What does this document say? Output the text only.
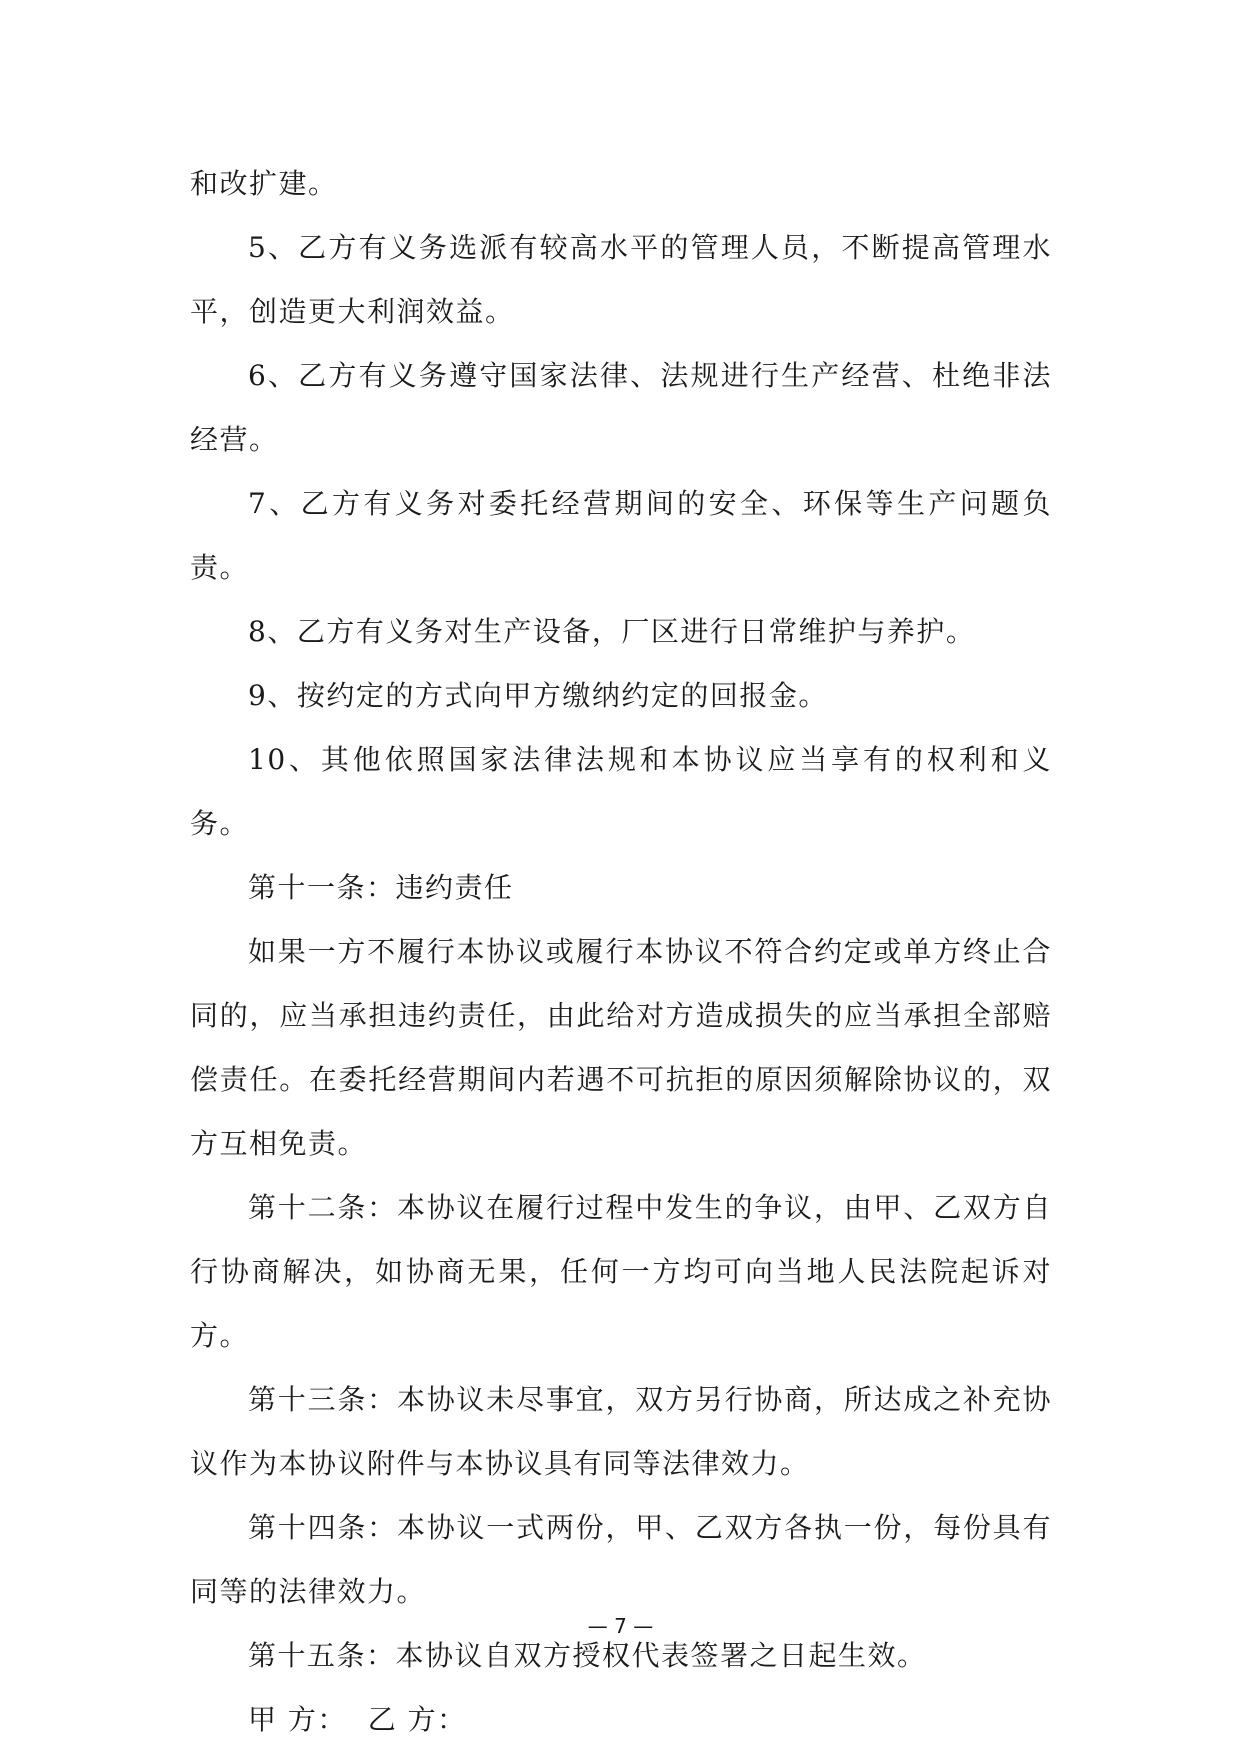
和改扩建。

5、乙方有义务选派有较高水平的管理人员，不断提高管理水平，创造更大利润效益。

6、乙方有义务遵守国家法律、法规进行生产经营、杜绝非法经营。

7、乙方有义务对委托经营期间的安全、环保等生产问题负责。

8、乙方有义务对生产设备，厂区进行日常维护与养护。

9、按约定的方式向甲方缴纳约定的回报金。

10、其他依照国家法律法规和本协议应当享有的权利和义务。

第十一条：违约责任

如果一方不履行本协议或履行本协议不符合约定或单方终止合同的，应当承担违约责任，由此给对方造成损失的应当承担全部赔偿责任。在委托经营期间内若遇不可抗拒的原因须解除协议的，双方互相免责。

第十二条：本协议在履行过程中发生的争议，由甲、乙双方自行协商解决，如协商无果，任何一方均可向当地人民法院起诉对方。

第十三条：本协议未尽事宜，双方另行协商，所达成之补充协议作为本协议附件与本协议具有同等法律效力。

第十四条：本协议一式两份，甲、乙双方各执一份，每份具有同等的法律效力。

第十五条：本协议自双方授权代表签署之日起生效。

甲 方：  乙 方：

— 7 —
